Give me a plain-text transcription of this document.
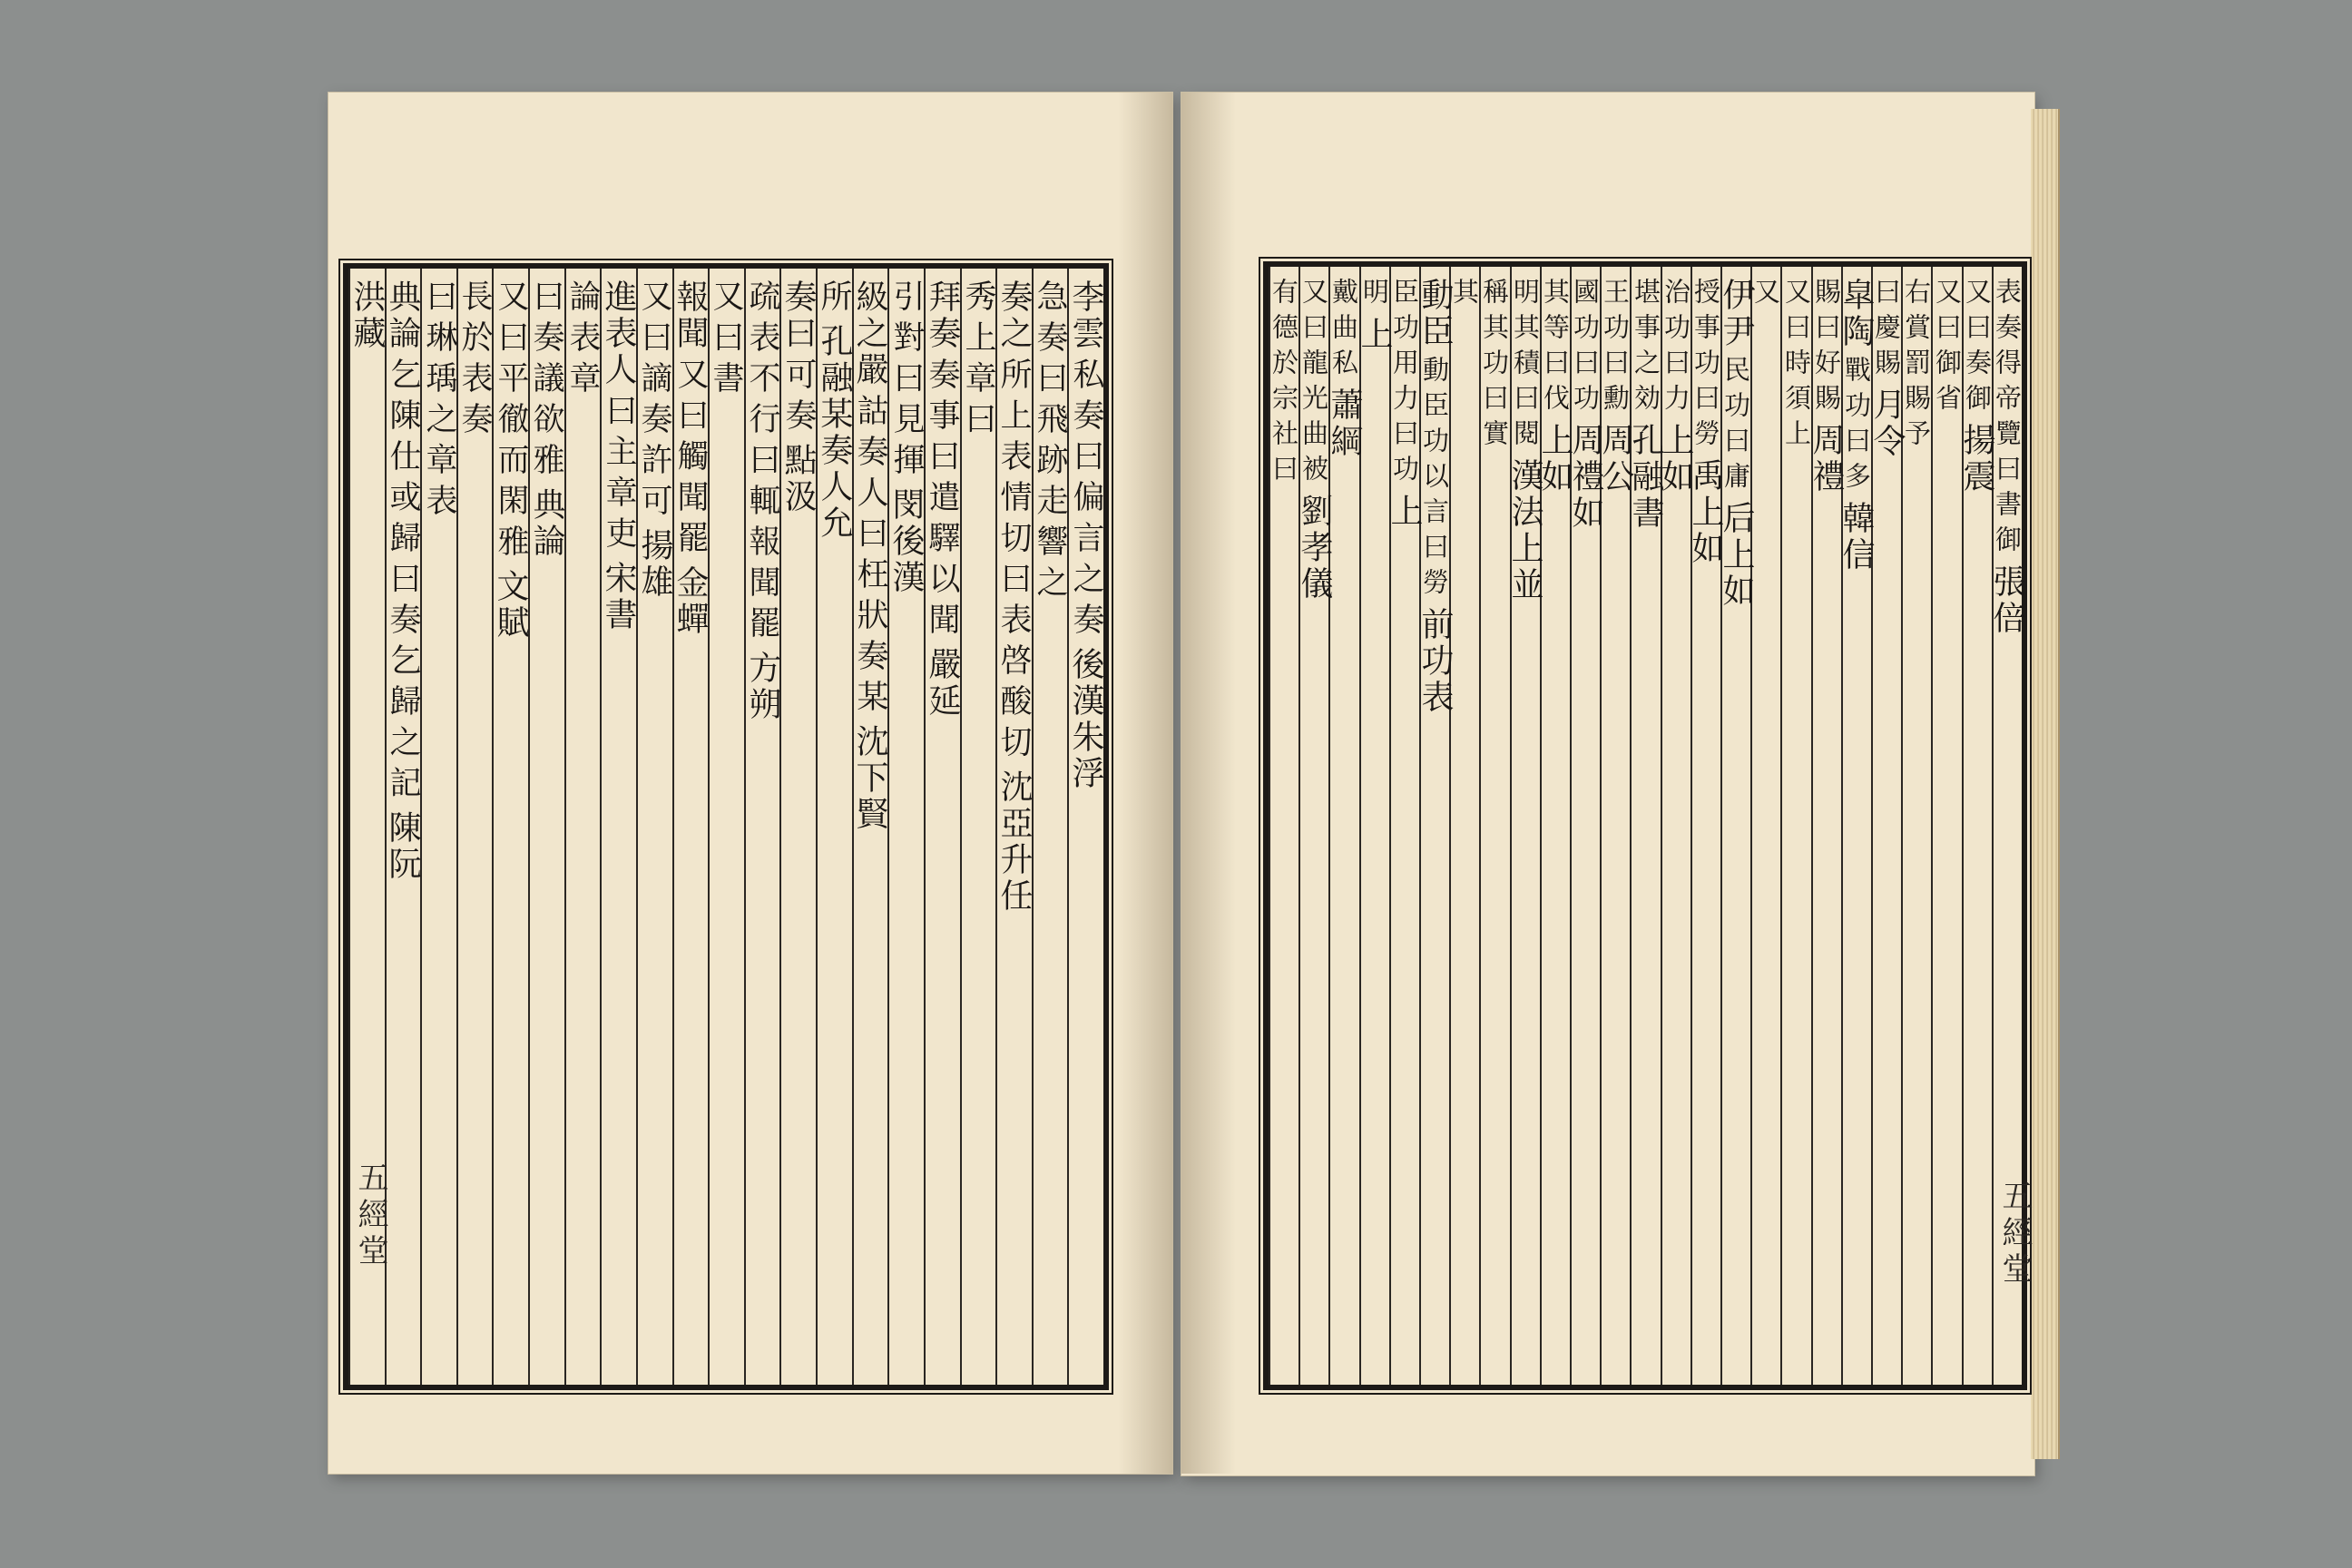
李雲
私奏曰偏言之奏
後漢朱浮
急奏曰飛跡走響之
奏之
所上表情切曰表啓酸切
沈亞升任
秀上章曰
拜奏
奏事曰遣驛以聞
嚴延
引對曰見揮
閔後漢
級之嚴
詁奏人曰枉狀奏某
沈下賢
所
孔融某奏人允
奏曰
可奏
點汲
疏表不行曰輒報聞罷
方朔
又曰書
報聞
又曰觸聞罷
金蟬
又曰謫奏許可
揚雄
進表人
曰主章吏
宋書
論表章
曰奏議欲雅
典論
又曰平徹而閑雅
文賦
長於表奏
曰琳瑀之章表
典論
乞陳仕或歸曰奏乞歸之記
陳阮
洪藏	表奏得帝覽曰書御
張倍
又曰奏御
揚震
又曰御省
右賞罰賜予
曰慶賜
月令
皐陶
戰功曰多
韓信
賜曰好賜
周禮
又曰時須上
又
伊尹
民功曰庸
后上如
授事功曰勞
禹上如
治功曰力
上如
堪事之効
孔融書
王功曰勳
周公
國功曰功
周禮如
其等曰伐
上如
明其積曰閱
漢法上並
稱其功曰實
其
動臣
動臣功以言曰勞
前功表
臣功用力曰功
上
明
上
戴曲私
蕭綱
又曰龍光曲被
劉孝儀
有德於宗社曰
五經堂	五經堂
